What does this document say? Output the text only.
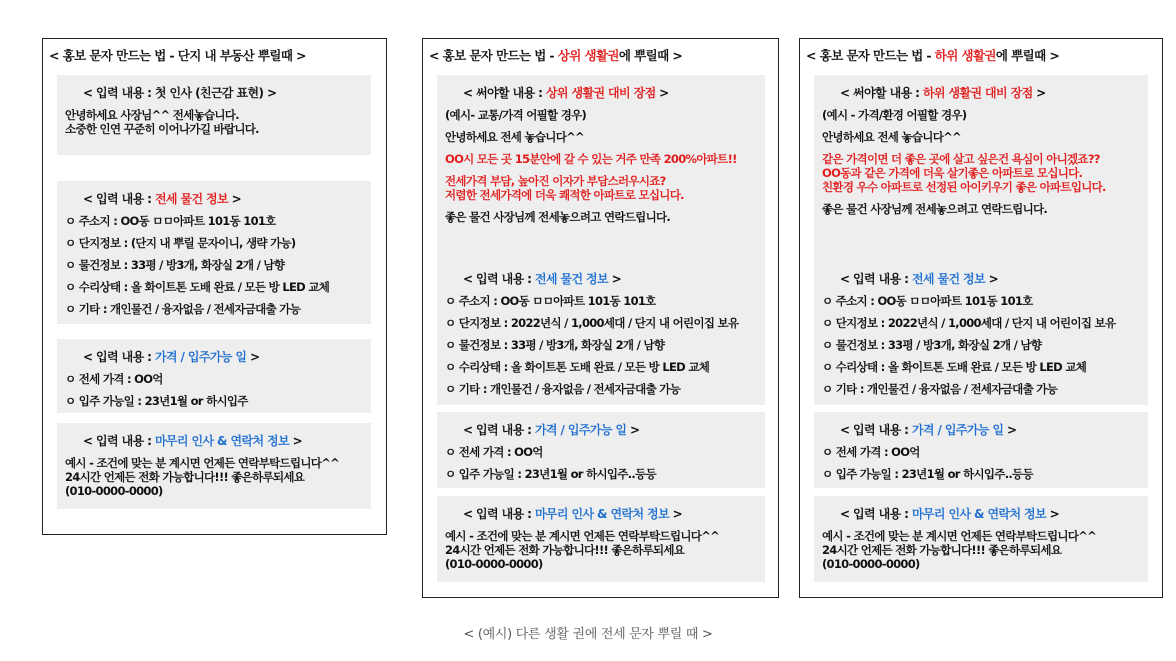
< 홍보 문자 만드는 법 - 단지 내 부동산 뿌릴때 >
< 입력 내용 : 첫 인사 (친근감 표현) >
안녕하세요 사장님^^ 전세놓습니다.
소중한 인연 꾸준히 이어나가길 바랍니다.
< 입력 내용 : 전세 물건 정보 >
ㅇ 주소지 : OO동 ㅁㅁ아파트 101동 101호
ㅇ 단지정보 : (단지 내 뿌릴 문자이니, 생략 가능)
ㅇ 물건정보 : 33평 / 방3개, 화장실 2개 / 남향
ㅇ 수리상태 : 올 화이트톤 도배 완료 / 모든 방 LED 교체
ㅇ 기타 : 개인물건 / 융자없음 / 전세자금대출 가능
< 입력 내용 : 가격 / 입주가능 일 >
ㅇ 전세 가격 : OO억
ㅇ 입주 가능일 : 23년1월 or 하시입주
< 입력 내용 : 마무리 인사 & 연락처 정보 >
예시 - 조건에 맞는 분 계시면 언제든 연락부탁드립니다^^
24시간 언제든 전화 가능합니다!!! 좋은하루되세요
(010-0000-0000)
< 홍보 문자 만드는 법 - 상위 생활권에 뿌릴때 >
< 써야할 내용 : 상위 생활권 대비 장점 >
(예시- 교통/가격 어필할 경우)
안녕하세요 전세 놓습니다^^
OO시 모든 곳 15분안에 갈 수 있는 거주 만족 200%아파트!!
전세가격 부담, 높아진 이자가 부담스러우시죠?
저렴한 전세가격에 더욱 쾌적한 아파트로 모십니다.
좋은 물건 사장님께 전세놓으려고 연락드립니다.
< 입력 내용 : 전세 물건 정보 >
ㅇ 주소지 : OO동 ㅁㅁ아파트 101동 101호
ㅇ 단지정보 : 2022년식 / 1,000세대 / 단지 내 어린이집 보유
ㅇ 물건정보 : 33평 / 방3개, 화장실 2개 / 남향
ㅇ 수리상태 : 올 화이트톤 도배 완료 / 모든 방 LED 교체
ㅇ 기타 : 개인물건 / 융자없음 / 전세자금대출 가능
< 입력 내용 : 가격 / 입주가능 일 >
ㅇ 전세 가격 : OO억
ㅇ 입주 가능일 : 23년1월 or 하시입주..등등
< 입력 내용 : 마무리 인사 & 연락처 정보 >
예시 - 조건에 맞는 분 계시면 언제든 연락부탁드립니다^^
24시간 언제든 전화 가능합니다!!! 좋은하루되세요
(010-0000-0000)
< 홍보 문자 만드는 법 - 하위 생활권에 뿌릴때 >
< 써야할 내용 : 하위 생활권 대비 장점 >
(예시 - 가격/환경 어필할 경우)
안녕하세요 전세 놓습니다^^
같은 가격이면 더 좋은 곳에 살고 싶은건 욕심이 아니겠죠??
OO동과 같은 가격에 더욱 살기좋은 아파트로 모십니다.
친환경 우수 아파트로 선정된 아이키우기 좋은 아파트입니다.
좋은 물건 사장님께 전세놓으려고 연락드립니다.
< 입력 내용 : 전세 물건 정보 >
ㅇ 주소지 : OO동 ㅁㅁ아파트 101동 101호
ㅇ 단지정보 : 2022년식 / 1,000세대 / 단지 내 어린이집 보유
ㅇ 물건정보 : 33평 / 방3개, 화장실 2개 / 남향
ㅇ 수리상태 : 올 화이트톤 도배 완료 / 모든 방 LED 교체
ㅇ 기타 : 개인물건 / 융자없음 / 전세자금대출 가능
< 입력 내용 : 가격 / 입주가능 일 >
ㅇ 전세 가격 : OO억
ㅇ 입주 가능일 : 23년1월 or 하시입주..등등
< 입력 내용 : 마무리 인사 & 연락처 정보 >
예시 - 조건에 맞는 분 계시면 언제든 연락부탁드립니다^^
24시간 언제든 전화 가능합니다!!! 좋은하루되세요
(010-0000-0000)
< (예시) 다른 생활 권에 전세 문자 뿌릴 때 >
